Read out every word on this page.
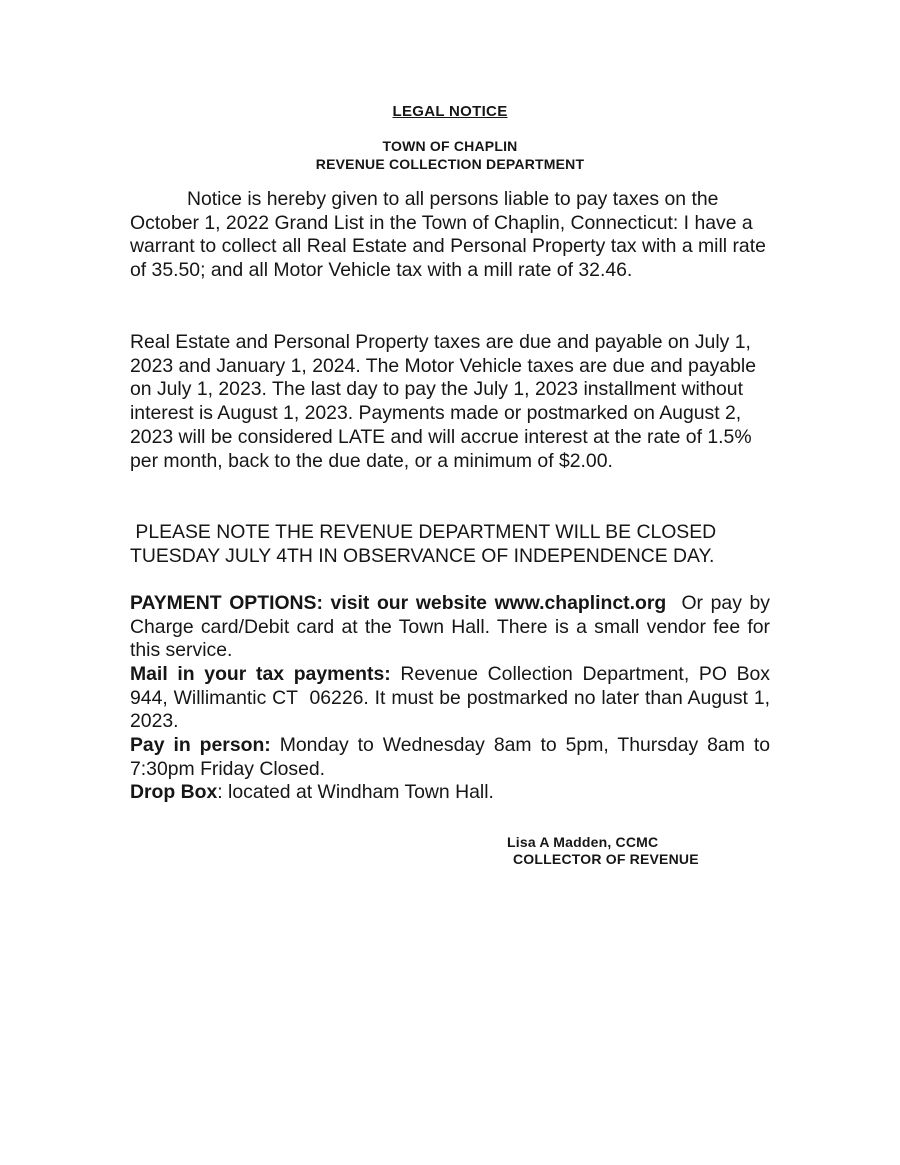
LEGAL NOTICE
TOWN OF CHAPLIN
REVENUE COLLECTION DEPARTMENT

Notice is hereby given to all persons liable to pay taxes on the October 1, 2022 Grand List in the Town of Chaplin, Connecticut: I have a warrant to collect all Real Estate and Personal Property tax with a mill rate of 35.50; and all Motor Vehicle tax with a mill rate of 32.46.

Real Estate and Personal Property taxes are due and payable on July 1, 2023 and January 1, 2024. The Motor Vehicle taxes are due and payable on July 1, 2023. The last day to pay the July 1, 2023 installment without interest is August 1, 2023. Payments made or postmarked on August 2, 2023 will be considered LATE and will accrue interest at the rate of 1.5% per month, back to the due date, or a minimum of $2.00.

PLEASE NOTE THE REVENUE DEPARTMENT WILL BE CLOSED TUESDAY JULY 4TH IN OBSERVANCE OF INDEPENDENCE DAY.

PAYMENT OPTIONS: visit our website www.chaplinct.org  Or pay by Charge card/Debit card at the Town Hall. There is a small vendor fee for this service.

Mail in your tax payments: Revenue Collection Department, PO Box 944, Willimantic CT  06226. It must be postmarked no later than August 1, 2023.

Pay in person: Monday to Wednesday 8am to 5pm, Thursday 8am to 7:30pm Friday Closed.

Drop Box: located at Windham Town Hall.

Lisa A Madden, CCMC
COLLECTOR OF REVENUE
